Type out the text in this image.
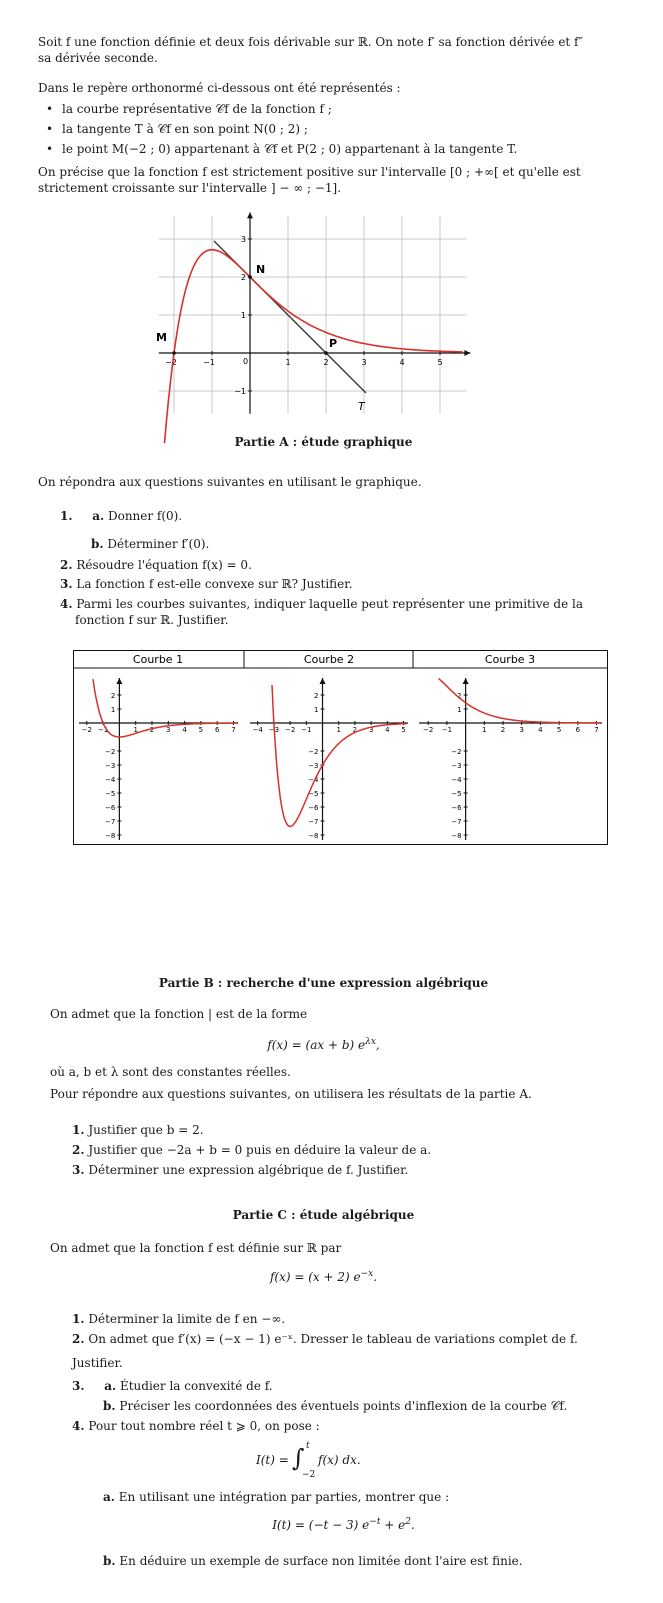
Soit f une fonction définie et deux fois dérivable sur ℝ. On note f′ sa fonction dérivée et f″
sa dérivée seconde.
Dans le repère orthonormé ci-dessous ont été représentés :
• la courbe représentative 𝒞f de la fonction f ;
• la tangente T à 𝒞f en son point N(0 ; 2) ;
• le point M(−2 ; 0) appartenant à 𝒞f et P(2 ; 0) appartenant à la tangente T.
On précise que la fonction f est strictement positive sur l'intervalle [0 ; +∞[ et qu'elle est
strictement croissante sur l'intervalle ] − ∞ ; −1].
−2	−1	1	2	3	4	5
3
2
1
−1
N
M	P
T
0
Partie A : étude graphique
On répondra aux questions suivantes en utilisant le graphique.
1. a. Donner f(0).
b. Déterminer f′(0).
2. Résoudre l'équation f(x) = 0.
3. La fonction f est-elle convexe sur ℝ? Justifier.
4. Parmi les courbes suivantes, indiquer laquelle peut représenter une primitive de la
fonction f sur ℝ. Justifier.
Courbe 1	Courbe 2	Courbe 3
−2 −1	1 2 3 4 5 6 7
2
1
−2
−3
−4
−5
−6
−7
−8
−4 −3 −2 −1	1 2 3 4 5
2
1
−2
−3
−4
−5
−6
−7
−8
−2 −1	1 2 3 4 5 6 7
2
1
−2
−3
−4
−5
−6
−7
−8
Partie B : recherche d'une expression algébrique
On admet que la fonction | est de la forme
f(x) = (ax + b) $e^{\lambda x}$,
où a, b et λ sont des constantes réelles.
Pour répondre aux questions suivantes, on utilisera les résultats de la partie A.
1. Justifier que b = 2.
2. Justifier que −2a + b = 0 puis en déduire la valeur de a.
3. Déterminer une expression algébrique de f. Justifier.
Partie C : étude algébrique
On admet que la fonction f est définie sur ℝ par
f(x) = (x + 2) $e^{-x}$.
1. Déterminer la limite de f en −∞.
2. On admet que f′(x) = (−x − 1) e⁻ˣ. Dresser le tableau de variations complet de f.
Justifier.
3. a. Étudier la convexité de f.
b. Préciser les coordonnées des éventuels points d'inflexion de la courbe 𝒞f.
4. Pour tout nombre réel t ⩾ 0, on pose :
I(t) = ∫ t
−2
f(x) dx.
a. En utilisant une intégration par parties, montrer que :
I(t) = (−t − 3) $e^{-t} + e^2$.
b. En déduire un exemple de surface non limitée dont l'aire est finie.
